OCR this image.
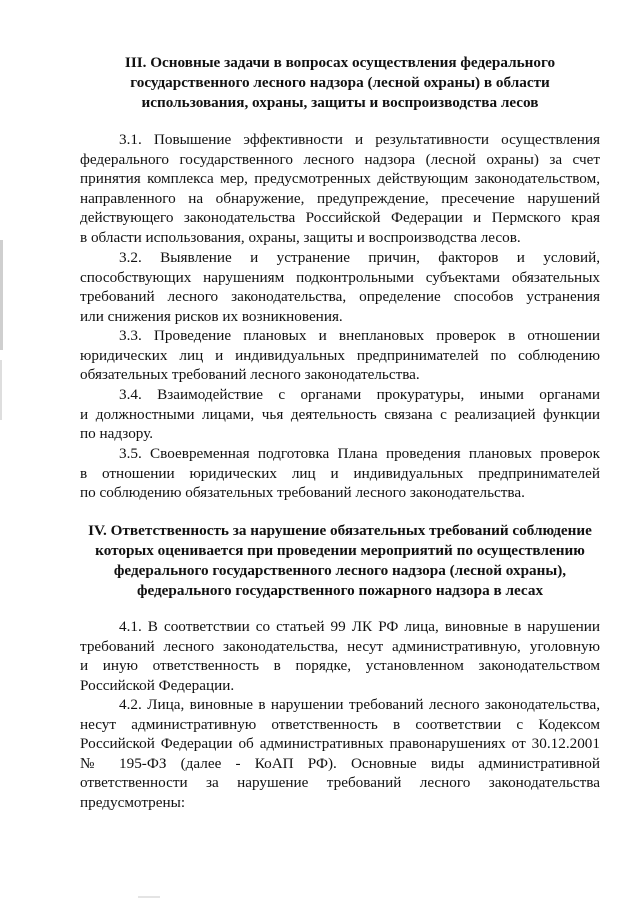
III. Основные задачи в вопросах осуществления федерального
государственного лесного надзора (лесной охраны) в области
использования, охраны, защиты и воспроизводства лесов
3.1. Повышение эффективности и результативности осуществления
федерального государственного лесного надзора (лесной охраны) за счет
принятия комплекса мер, предусмотренных действующим законодательством,
направленного на обнаружение, предупреждение, пресечение нарушений
действующего законодательства Российской Федерации и Пермского края
в области использования, охраны, защиты и воспроизводства лесов.
3.2. Выявление и устранение причин, факторов и условий,
способствующих нарушениям подконтрольными субъектами обязательных
требований лесного законодательства, определение способов устранения
или снижения рисков их возникновения.
3.3. Проведение плановых и внеплановых проверок в отношении
юридических лиц и индивидуальных предпринимателей по соблюдению
обязательных требований лесного законодательства.
3.4. Взаимодействие с органами прокуратуры, иными органами
и должностными лицами, чья деятельность связана с реализацией функции
по надзору.
3.5. Своевременная подготовка Плана проведения плановых проверок
в отношении юридических лиц и индивидуальных предпринимателей
по соблюдению обязательных требований лесного законодательства.
IV. Ответственность за нарушение обязательных требований соблюдение
которых оценивается при проведении мероприятий по осуществлению
федерального государственного лесного надзора (лесной охраны),
федерального государственного пожарного надзора в лесах
4.1. В соответствии со статьей 99 ЛК РФ лица, виновные в нарушении
требований лесного законодательства, несут административную, уголовную
и иную ответственность в порядке, установленном законодательством
Российской Федерации.
4.2. Лица, виновные в нарушении требований лесного законодательства,
несут административную ответственность в соответствии с Кодексом
Российской Федерации об административных правонарушениях от 30.12.2001
№ 195-ФЗ (далее - КоАП РФ). Основные виды административной
ответственности за нарушение требований лесного законодательства
предусмотрены:
